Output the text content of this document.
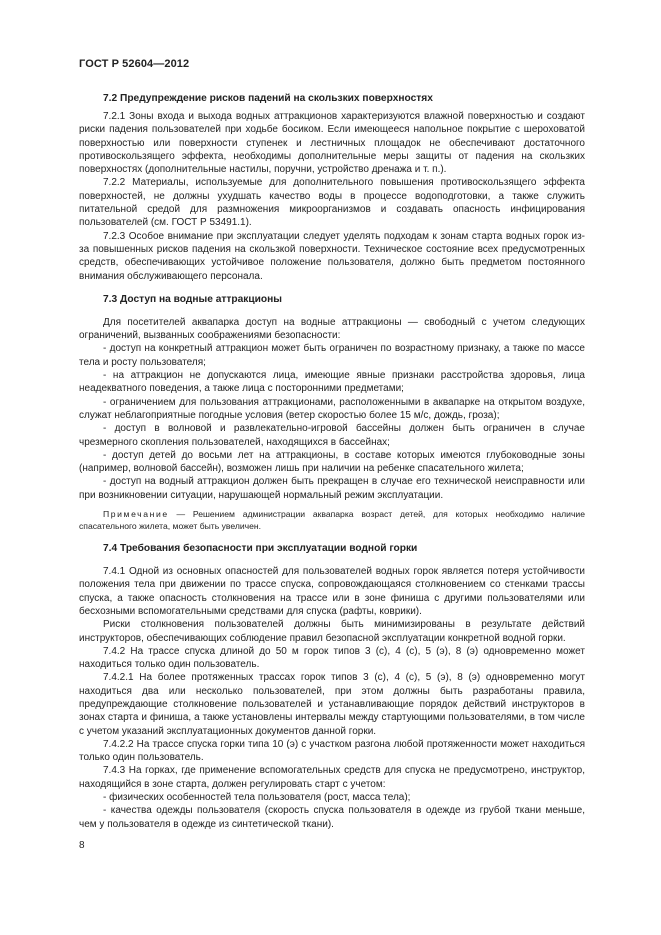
ГОСТ Р 52604—2012
7.2 Предупреждение рисков падений на скользких поверхностях

7.2.1 Зоны входа и выхода водных аттракционов характеризуются влажной поверхностью и создают риски падения пользователей при ходьбе босиком. Если имеющееся напольное покрытие с шероховатой поверхностью или поверхности ступенек и лестничных площадок не обеспечивают достаточного противоскользящего эффекта, необходимы дополнительные меры защиты от падения на скользких поверхностях (дополнительные настилы, поручни, устройство дренажа и т. п.).

7.2.2 Материалы, используемые для дополнительного повышения противоскользящего эффекта поверхностей, не должны ухудшать качество воды в процессе водоподготовки, а также служить питательной средой для размножения микроорганизмов и создавать опасность инфицирования пользователей (см. ГОСТ Р 53491.1).

7.2.3 Особое внимание при эксплуатации следует уделять подходам к зонам старта водных горок из-за повышенных рисков падения на скользкой поверхности. Техническое состояние всех предусмотренных средств, обеспечивающих устойчивое положение пользователя, должно быть предметом постоянного внимания обслуживающего персонала.

7.3 Доступ на водные аттракционы

Для посетителей аквапарка доступ на водные аттракционы — свободный с учетом следующих ограничений, вызванных соображениями безопасности:

- доступ на конкретный аттракцион может быть ограничен по возрастному признаку, а также по массе тела и росту пользователя;

- на аттракцион не допускаются лица, имеющие явные признаки расстройства здоровья, лица неадекватного поведения, а также лица с посторонними предметами;

- ограничением для пользования аттракционами, расположенными в аквапарке на открытом воздухе, служат неблагоприятные погодные условия (ветер скоростью более 15 м/с, дождь, гроза);

- доступ в волновой и развлекательно-игровой бассейны должен быть ограничен в случае чрезмерного скопления пользователей, находящихся в бассейнах;

- доступ детей до восьми лет на аттракционы, в составе которых имеются глубоководные зоны (например, волновой бассейн), возможен лишь при наличии на ребенке спасательного жилета;

- доступ на водный аттракцион должен быть прекращен в случае его технической неисправности или при возникновении ситуации, нарушающей нормальный режим эксплуатации.

Примечание — Решением администрации аквапарка возраст детей, для которых необходимо наличие спасательного жилета, может быть увеличен.

7.4 Требования безопасности при эксплуатации водной горки

7.4.1 Одной из основных опасностей для пользователей водных горок является потеря устойчивости положения тела при движении по трассе спуска, сопровождающаяся столкновением со стенками трассы спуска, а также опасность столкновения на трассе или в зоне финиша с другими пользователями или бесхозными вспомогательными средствами для спуска (рафты, коврики).

Риски столкновения пользователей должны быть минимизированы в результате действий инструкторов, обеспечивающих соблюдение правил безопасной эксплуатации конкретной водной горки.

7.4.2 На трассе спуска длиной до 50 м горок типов 3 (с), 4 (с), 5 (э), 8 (э) одновременно может находиться только один пользователь.

7.4.2.1 На более протяженных трассах горок типов 3 (с), 4 (с), 5 (э), 8 (э) одновременно могут находиться два или несколько пользователей, при этом должны быть разработаны правила, предупреждающие столкновение пользователей и устанавливающие порядок действий инструкторов в зонах старта и финиша, а также установлены интервалы между стартующими пользователями, в том числе с учетом указаний эксплуатационных документов данной горки.

7.4.2.2 На трассе спуска горки типа 10 (э) с участком разгона любой протяженности может находиться только один пользователь.

7.4.3 На горках, где применение вспомогательных средств для спуска не предусмотрено, инструктор, находящийся в зоне старта, должен регулировать старт с учетом:

- физических особенностей тела пользователя (рост, масса тела);

- качества одежды пользователя (скорость спуска пользователя в одежде из грубой ткани меньше, чем у пользователя в одежде из синтетической ткани).

8
